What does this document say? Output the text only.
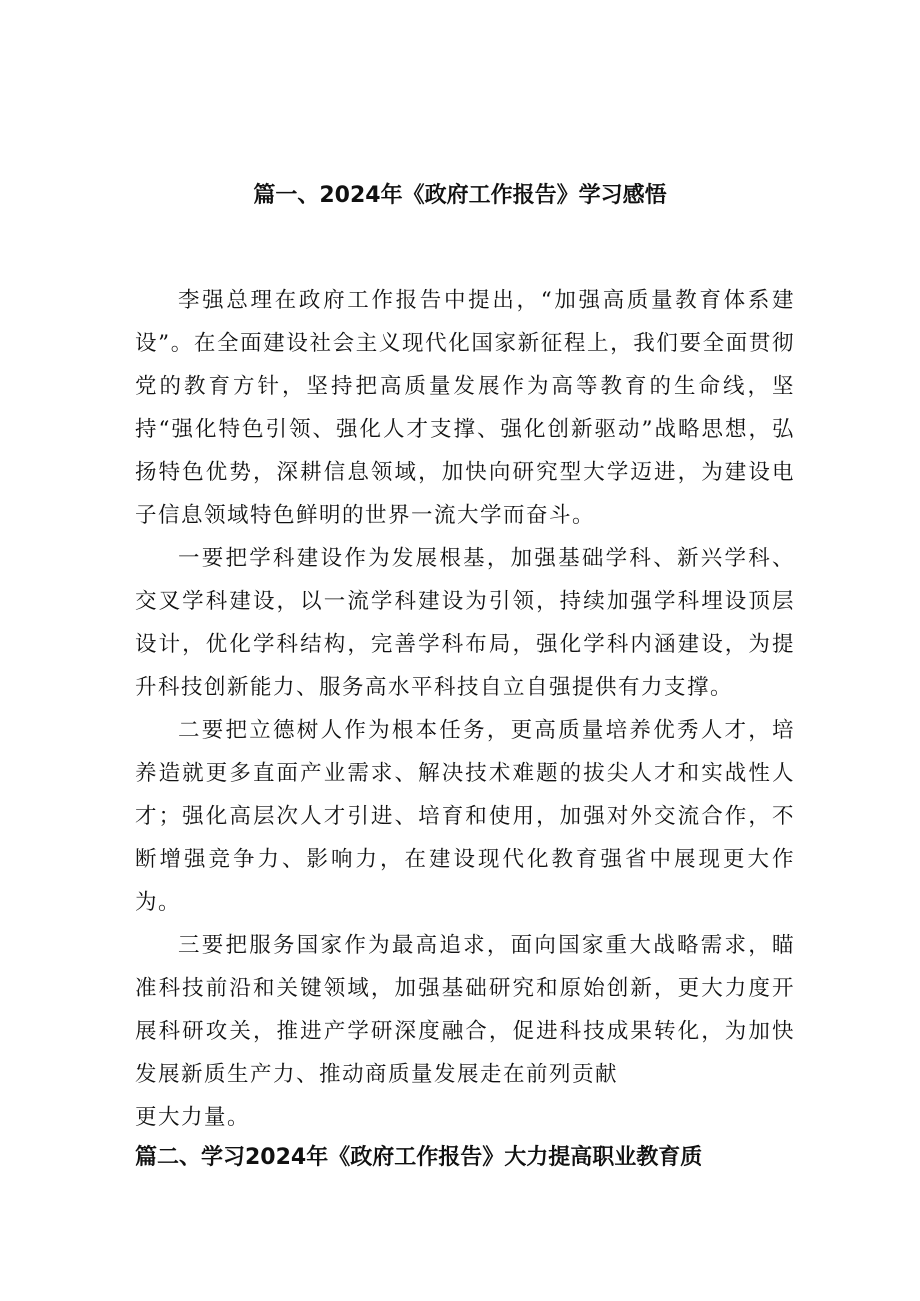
篇一、2024年《政府工作报告》学习感悟

李强总理在政府工作报告中提出，“加强高质量教育体系建设”。在全面建设社会主义现代化国家新征程上，我们要全面贯彻党的教育方针，坚持把高质量发展作为高等教育的生命线，坚持“强化特色引领、强化人才支撑、强化创新驱动”战略思想，弘扬特色优势，深耕信息领域，加快向研究型大学迈进，为建设电子信息领域特色鲜明的世界一流大学而奋斗。

一要把学科建设作为发展根基，加强基础学科、新兴学科、交叉学科建设，以一流学科建设为引领，持续加强学科埋设顶层设计，优化学科结构，完善学科布局，强化学科内涵建设，为提升科技创新能力、服务高水平科技自立自强提供有力支撑。

二要把立德树人作为根本任务，更高质量培养优秀人才，培养造就更多直面产业需求、解决技术难题的拔尖人才和实战性人才；强化高层次人才引进、培育和使用，加强对外交流合作，不断增强竞争力、影响力，在建设现代化教育强省中展现更大作为。

三要把服务国家作为最高追求，面向国家重大战略需求，瞄准科技前沿和关键领域，加强基础研究和原始创新，更大力度开展科研攻关，推进产学研深度融合，促进科技成果转化，为加快发展新质生产力、推动商质量发展走在前列贡献

更大力量。

篇二、学习2024年《政府工作报告》大力提高职业教育质
